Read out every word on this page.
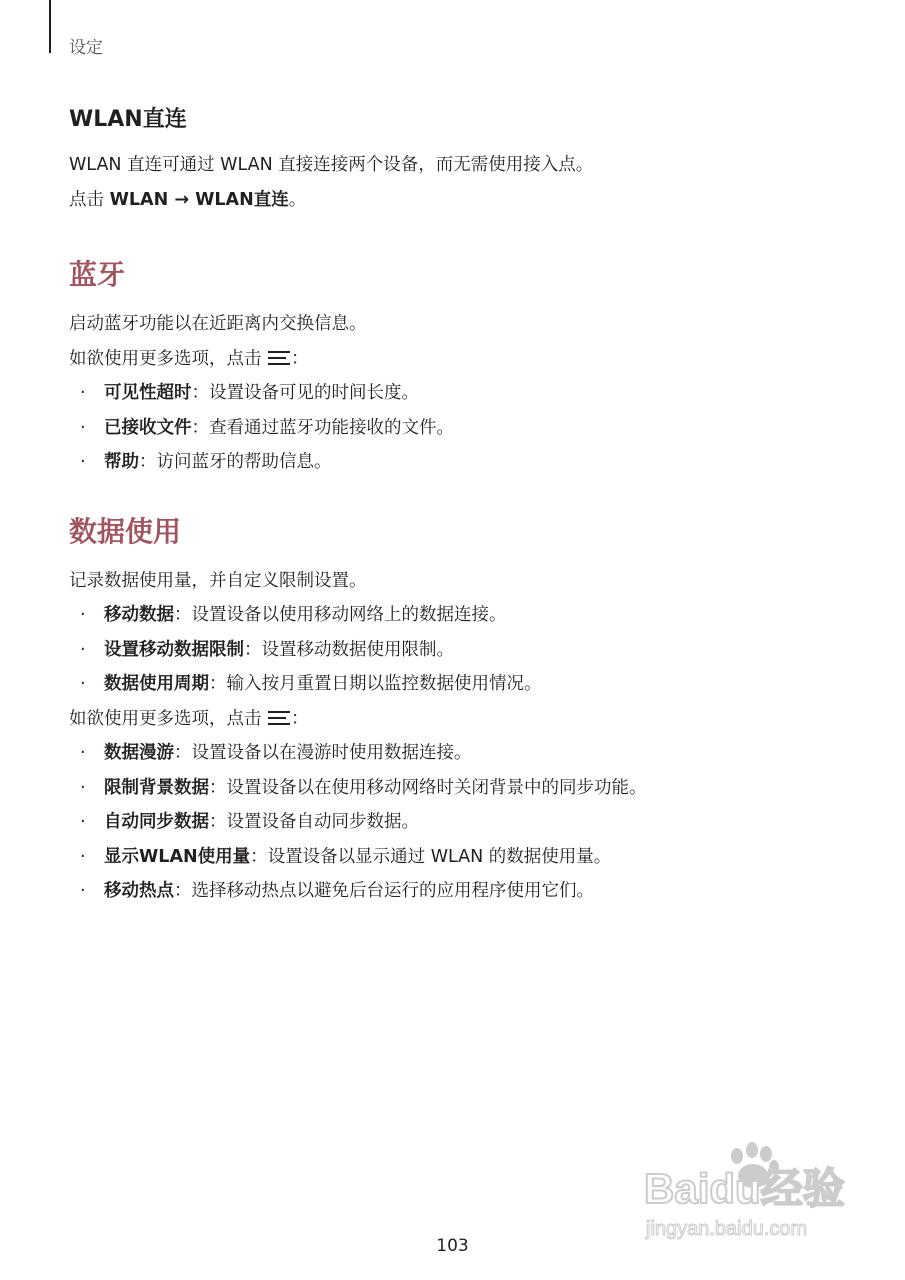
设定
WLAN直连

WLAN 直连可通过 WLAN 直接连接两个设备，而无需使用接入点。

点击 WLAN → WLAN直连。

蓝牙

启动蓝牙功能以在近距离内交换信息。

如欲使用更多选项，点击
：

· 可见性超时：设置设备可见的时间长度。
· 已接收文件：查看通过蓝牙功能接收的文件。
· 帮助：访问蓝牙的帮助信息。
数据使用

记录数据使用量，并自定义限制设置。

· 移动数据：设置设备以使用移动网络上的数据连接。
· 设置移动数据限制：设置移动数据使用限制。
· 数据使用周期：输入按月重置日期以监控数据使用情况。

如欲使用更多选项，点击
：

· 数据漫游：设置设备以在漫游时使用数据连接。
· 限制背景数据：设置设备以在使用移动网络时关闭背景中的同步功能。
· 自动同步数据：设置设备自动同步数据。
· 显示WLAN使用量：设置设备以显示通过 WLAN 的数据使用量。
· 移动热点：选择移动热点以避免后台运行的应用程序使用它们。
Baidu经验
jingyan.baidu.com
103
